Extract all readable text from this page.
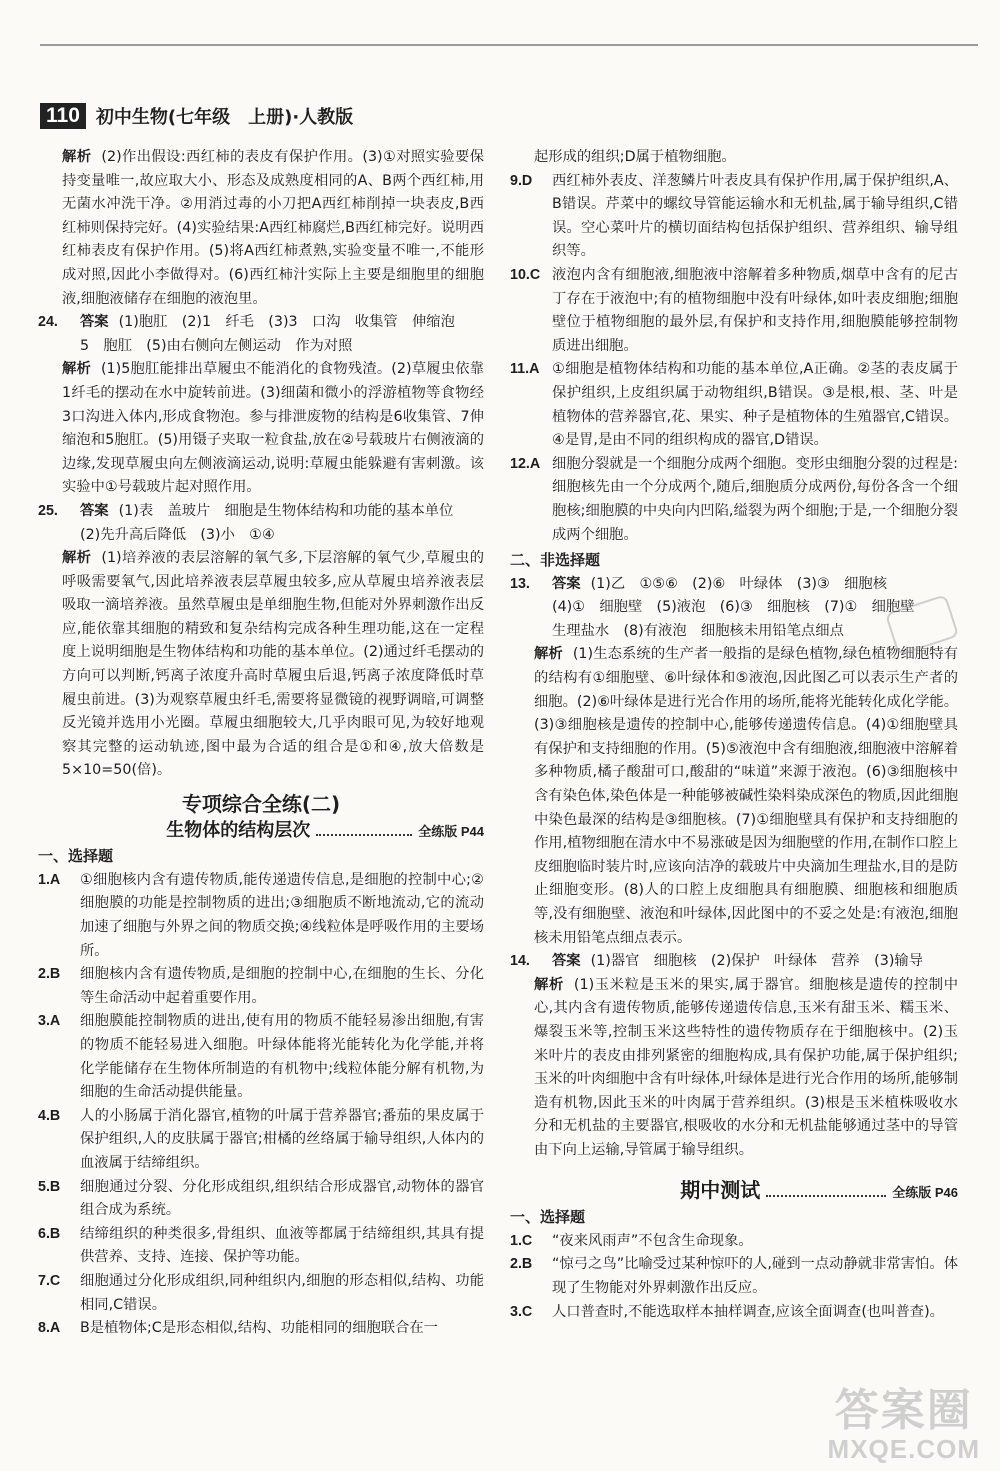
110 初中生物(七年级　上册)·人教版
解析 (2)作出假设:西红柿的表皮有保护作用。(3)①对照实验要保持变量唯一,故应取大小、形态及成熟度相同的A、B两个西红柿,用无菌水冲洗干净。②用消过毒的小刀把A西红柿削掉一块表皮,B西红柿则保持完好。(4)实验结果:A西红柿腐烂,B西红柿完好。说明西红柿表皮有保护作用。(5)将A西红柿煮熟,实验变量不唯一,不能形成对照,因此小李做得对。(6)西红柿汁实际上主要是细胞里的细胞液,细胞液储存在细胞的液泡里。
24.	答案 (1)胞肛　(2)1　纤毛　(3)3　口沟　收集管　伸缩泡
5　胞肛　(5)由右侧向左侧运动　作为对照
解析 (1)5胞肛能排出草履虫不能消化的食物残渣。(2)草履虫依靠1纤毛的摆动在水中旋转前进。(3)细菌和微小的浮游植物等食物经3口沟进入体内,形成食物泡。参与排泄废物的结构是6收集管、7伸缩泡和5胞肛。(5)用镊子夹取一粒食盐,放在②号载玻片右侧液滴的边缘,发现草履虫向左侧液滴运动,说明:草履虫能躲避有害刺激。该实验中①号载玻片起对照作用。
25.	答案 (1)表　盖玻片　细胞是生物体结构和功能的基本单位
(2)先升高后降低　(3)小　①④
解析 (1)培养液的表层溶解的氧气多,下层溶解的氧气少,草履虫的呼吸需要氧气,因此培养液表层草履虫较多,应从草履虫培养液表层吸取一滴培养液。虽然草履虫是单细胞生物,但能对外界刺激作出反应,能依靠其细胞的精致和复杂结构完成各种生理功能,这在一定程度上说明细胞是生物体结构和功能的基本单位。(2)通过纤毛摆动的方向可以判断,钙离子浓度升高时草履虫后退,钙离子浓度降低时草履虫前进。(3)为观察草履虫纤毛,需要将显微镜的视野调暗,可调整反光镜并选用小光圈。草履虫细胞较大,几乎肉眼可见,为较好地观察其完整的运动轨迹,图中最为合适的组合是①和④,放大倍数是5×10=50(倍)。
专项综合全练(二)
生物体的结构层次	全练版 P44
一、选择题
1.A	①细胞核内含有遗传物质,能传递遗传信息,是细胞的控制中心;②细胞膜的功能是控制物质的进出;③细胞质不断地流动,它的流动加速了细胞与外界之间的物质交换;④线粒体是呼吸作用的主要场所。
2.B	细胞核内含有遗传物质,是细胞的控制中心,在细胞的生长、分化等生命活动中起着重要作用。
3.A	细胞膜能控制物质的进出,使有用的物质不能轻易渗出细胞,有害的物质不能轻易进入细胞。叶绿体能将光能转化为化学能,并将化学能储存在生物体所制造的有机物中;线粒体能分解有机物,为细胞的生命活动提供能量。
4.B	人的小肠属于消化器官,植物的叶属于营养器官;番茄的果皮属于保护组织,人的皮肤属于器官;柑橘的丝络属于输导组织,人体内的血液属于结缔组织。
5.B	细胞通过分裂、分化形成组织,组织结合形成器官,动物体的器官组合成为系统。
6.B	结缔组织的种类很多,骨组织、血液等都属于结缔组织,其具有提供营养、支持、连接、保护等功能。
7.C	细胞通过分化形成组织,同种组织内,细胞的形态相似,结构、功能相同,C错误。
8.A	B是植物体;C是形态相似,结构、功能相同的细胞联合在一
起形成的组织;D属于植物细胞。
9.D	西红柿外表皮、洋葱鳞片叶表皮具有保护作用,属于保护组织,A、B错误。芹菜中的螺纹导管能运输水和无机盐,属于输导组织,C错误。空心菜叶片的横切面结构包括保护组织、营养组织、输导组织等。
10.C 液泡内含有细胞液,细胞液中溶解着多种物质,烟草中含有的尼古丁存在于液泡中;有的植物细胞中没有叶绿体,如叶表皮细胞;细胞壁位于植物细胞的最外层,有保护和支持作用,细胞膜能够控制物质进出细胞。
11.A ①细胞是植物体结构和功能的基本单位,A正确。②茎的表皮属于保护组织,上皮组织属于动物组织,B错误。③是根,根、茎、叶是植物体的营养器官,花、果实、种子是植物体的生殖器官,C错误。④是胃,是由不同的组织构成的器官,D错误。
12.A 细胞分裂就是一个细胞分成两个细胞。变形虫细胞分裂的过程是:细胞核先由一个分成两个,随后,细胞质分成两份,每份各含一个细胞核;细胞膜的中央向内凹陷,缢裂为两个细胞;于是,一个细胞分裂成两个细胞。
二、非选择题
13.	答案 (1)乙　①⑤⑥　(2)⑥　叶绿体　(3)③　细胞核
(4)①　细胞壁　(5)液泡　(6)③　细胞核　(7)①　细胞壁
生理盐水　(8)有液泡　细胞核未用铅笔点细点
解析 (1)生态系统的生产者一般指的是绿色植物,绿色植物细胞特有的结构有①细胞壁、⑥叶绿体和⑤液泡,因此图乙可以表示生产者的细胞。(2)⑥叶绿体是进行光合作用的场所,能将光能转化成化学能。(3)③细胞核是遗传的控制中心,能够传递遗传信息。(4)①细胞壁具有保护和支持细胞的作用。(5)⑤液泡中含有细胞液,细胞液中溶解着多种物质,橘子酸甜可口,酸甜的“味道”来源于液泡。(6)③细胞核中含有染色体,染色体是一种能够被碱性染料染成深色的物质,因此细胞中染色最深的结构是③细胞核。(7)①细胞壁具有保护和支持细胞的作用,植物细胞在清水中不易涨破是因为细胞壁的作用,在制作口腔上皮细胞临时装片时,应该向洁净的载玻片中央滴加生理盐水,目的是防止细胞变形。(8)人的口腔上皮细胞具有细胞膜、细胞核和细胞质等,没有细胞壁、液泡和叶绿体,因此图中的不妥之处是:有液泡,细胞核未用铅笔点细点表示。
14.	答案 (1)器官　细胞核　(2)保护　叶绿体　营养　(3)输导
解析 (1)玉米粒是玉米的果实,属于器官。细胞核是遗传的控制中心,其内含有遗传物质,能够传递遗传信息,玉米有甜玉米、糯玉米、爆裂玉米等,控制玉米这些特性的遗传物质存在于细胞核中。(2)玉米叶片的表皮由排列紧密的细胞构成,具有保护功能,属于保护组织;玉米的叶肉细胞中含有叶绿体,叶绿体是进行光合作用的场所,能够制造有机物,因此玉米的叶肉属于营养组织。(3)根是玉米植株吸收水分和无机盐的主要器官,根吸收的水分和无机盐能够通过茎中的导管由下向上运输,导管属于输导组织。
期中测试	全练版 P46
一、选择题
1.C	“夜来风雨声”不包含生命现象。
2.B	“惊弓之鸟”比喻受过某种惊吓的人,碰到一点动静就非常害怕。体现了生物能对外界刺激作出反应。
3.C	人口普查时,不能选取样本抽样调查,应该全面调查(也叫普查)。
答案圈
MXQE.COM
